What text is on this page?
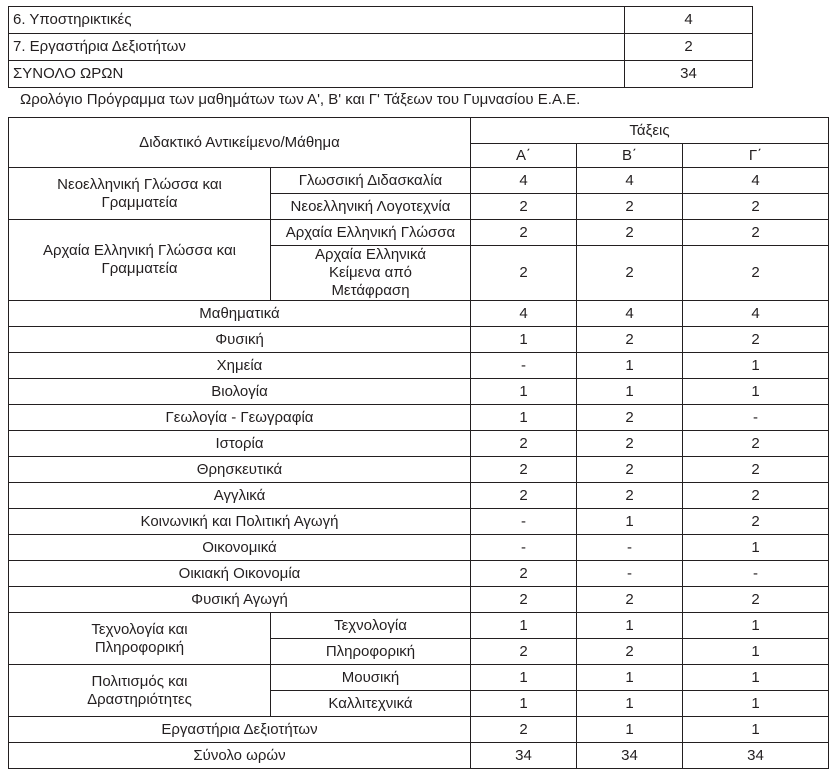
6. Υποστηρικτικές	4
7. Εργαστήρια Δεξιοτήτων	2
ΣΥΝΟΛΟ ΩΡΩΝ	34

Ωρολόγιο Πρόγραμμα των μαθημάτων των Α', Β' και Γ' Τάξεων του Γυμνασίου Ε.Α.Ε.

Διδακτικό Αντικείμενο/Μάθημα		Τάξεις		
		Α΄	Β΄	Γ΄
Νεοελληνική Γλώσσα και Γραμματεία	Γλωσσική Διδασκαλία	4	4	4
	Νεοελληνική Λογοτεχνία	2	2	2
Αρχαία Ελληνική Γλώσσα και Γραμματεία	Αρχαία Ελληνική Γλώσσα	2	2	2
	Αρχαία Ελληνικά Κείμενα από Μετάφραση	2	2	2
Μαθηματικά		4	4	4
Φυσική		1	2	2
Χημεία		-	1	1
Βιολογία		1	1	1
Γεωλογία - Γεωγραφία		1	2	-
Ιστορία		2	2	2
Θρησκευτικά		2	2	2
Αγγλικά		2	2	2
Κοινωνική και Πολιτική Αγωγή		-	1	2
Οικονομικά		-	-	1
Οικιακή Οικονομία		2	-	-
Φυσική Αγωγή		2	2	2
Τεχνολογία και Πληροφορική	Τεχνολογία	1	1	1
	Πληροφορική	2	2	1
Πολιτισμός και Δραστηριότητες	Μουσική	1	1	1
	Καλλιτεχνικά	1	1	1
Εργαστήρια Δεξιοτήτων		2	1	1
Σύνολο ωρών		34	34	34
